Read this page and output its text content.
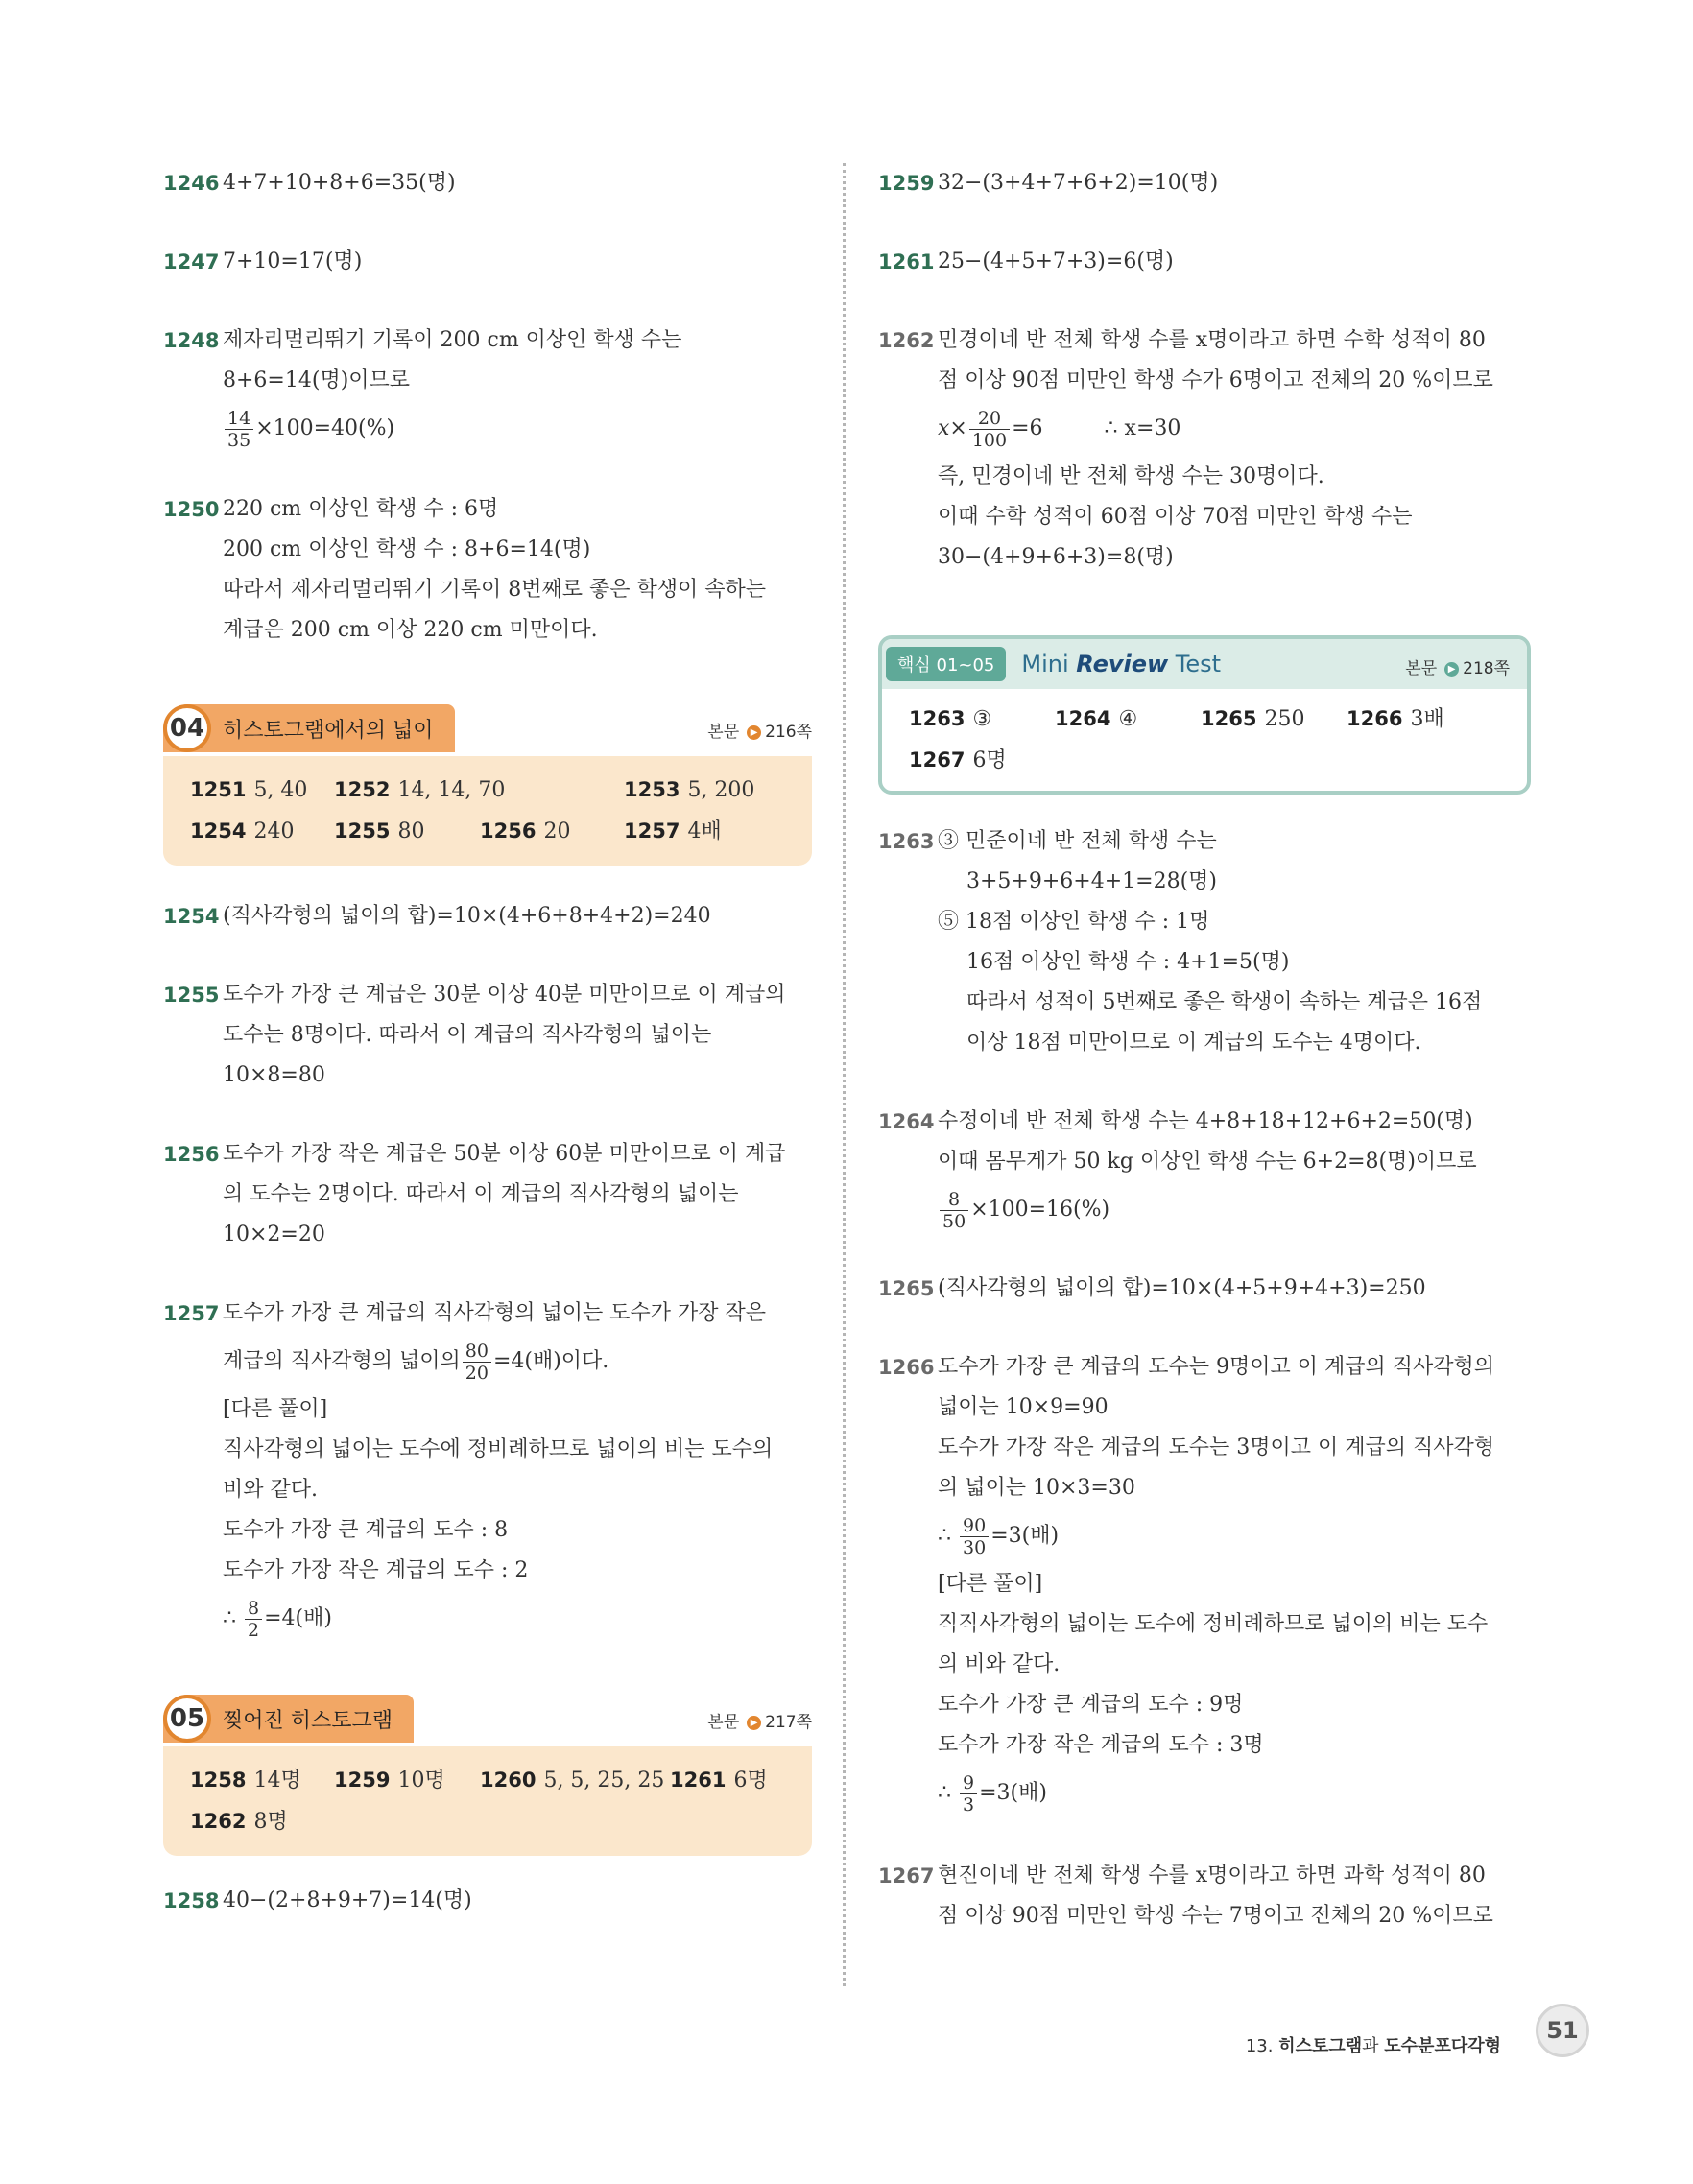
1246 4+7+10+8+6=35(명)
1247 7+10=17(명)
1248 제자리멀리뛰기 기록이 200 cm 이상인 학생 수는
8+6=14(명)이므로
$\frac{14}{35} \times 100=40(\%)$
1250 220 cm 이상인 학생 수 : 6명
200 cm 이상인 학생 수 : 8+6=14(명)
따라서 제자리멀리뛰기 기록이 8번째로 좋은 학생이 속하는
계급은 200 cm 이상 220 cm 미만이다.
04 히스토그램에서의 넓이	본문 ▶ 216쪽
1251 5, 40	1252 14, 14, 70	1253 5, 200
1254 240	1255 80	1256 20	1257 4배
1254 (직사각형의 넓이의 합)=10×(4+6+8+4+2)=240
1255 도수가 가장 큰 계급은 30분 이상 40분 미만이므로 이 계급의
도수는 8명이다. 따라서 이 계급의 직사각형의 넓이는
10×8=80
1256 도수가 가장 작은 계급은 50분 이상 60분 미만이므로 이 계급
의 도수는 2명이다. 따라서 이 계급의 직사각형의 넓이는
10×2=20
1257 도수가 가장 큰 계급의 직사각형의 넓이는 도수가 가장 작은
계급의 직사각형의 넓이의 $\frac{80}{20} =4$(배)이다.
[다른 풀이]
직사각형의 넓이는 도수에 정비례하므로 넓이의 비는 도수의
비와 같다.
도수가 가장 큰 계급의 도수 : 8
도수가 가장 작은 계급의 도수 : 2
∴ $\frac{8}{2} =4$(배)
05 찢어진 히스토그램	본문 ▶ 217쪽
1258 14명	1259 10명	1260 5, 5, 25, 25 1261 6명
1262 8명
1258 40−(2+8+9+7)=14(명)
1259 32−(3+4+7+6+2)=10(명)
1261 25−(4+5+7+3)=6(명)
1262 민경이네 반 전체 학생 수를 x명이라고 하면 수학 성적이 80
점 이상 90점 미만인 학생 수가 6명이고 전체의 20 %이므로
$x\times \frac{20}{100} =6$	∴ x=30
즉, 민경이네 반 전체 학생 수는 30명이다.
이때 수학 성적이 60점 이상 70점 미만인 학생 수는
30−(4+9+6+3)=8(명)
핵심 01~05	Mini Review Test	본문 ▶ 218쪽
1263 ③	1264 ④	1265 250	1266 3배
1267 6명
1263 ③ 민준이네 반 전체 학생 수는
3+5+9+6+4+1=28(명)
⑤ 18점 이상인 학생 수 : 1명
16점 이상인 학생 수 : 4+1=5(명)
따라서 성적이 5번째로 좋은 학생이 속하는 계급은 16점
이상 18점 미만이므로 이 계급의 도수는 4명이다.
1264 수정이네 반 전체 학생 수는 4+8+18+12+6+2=50(명)
이때 몸무게가 50 kg 이상인 학생 수는 6+2=8(명)이므로
$\frac{8}{50} \times 100=16(\%)$
1265 (직사각형의 넓이의 합)=10×(4+5+9+4+3)=250
1266 도수가 가장 큰 계급의 도수는 9명이고 이 계급의 직사각형의
넓이는 10×9=90
도수가 가장 작은 계급의 도수는 3명이고 이 계급의 직사각형
의 넓이는 10×3=30
∴ $\frac{90}{30} =3$(배)
[다른 풀이]
직직사각형의 넓이는 도수에 정비례하므로 넓이의 비는 도수
의 비와 같다.
도수가 가장 큰 계급의 도수 : 9명
도수가 가장 작은 계급의 도수 : 3명
∴ $\frac{9}{3} =3$(배)
1267 현진이네 반 전체 학생 수를 x명이라고 하면 과학 성적이 80
점 이상 90점 미만인 학생 수는 7명이고 전체의 20 %이므로
13. 히스토그램과 도수분포다각형
51
